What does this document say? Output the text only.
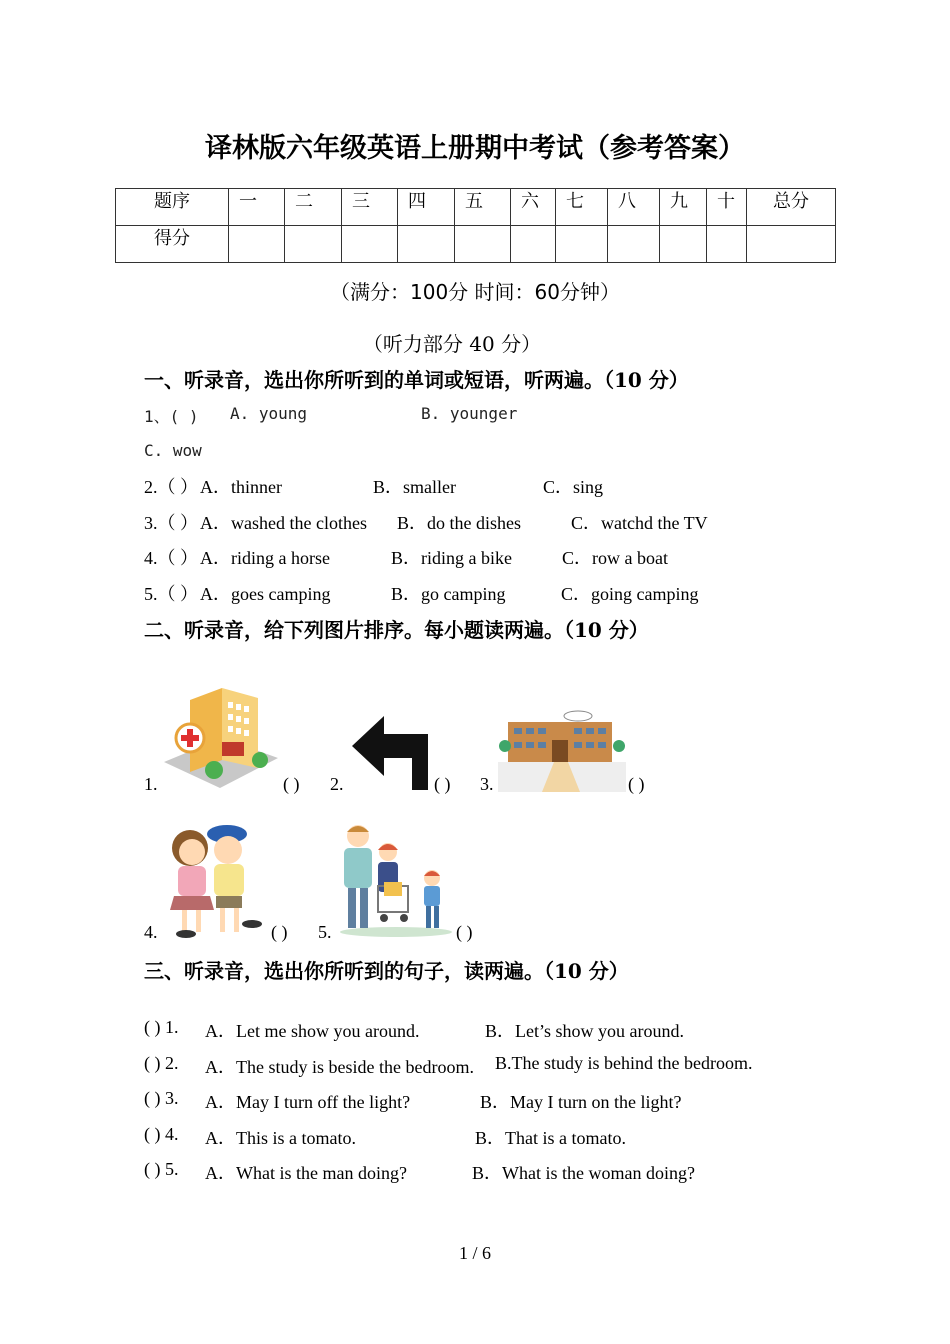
译林版六年级英语上册期中考试（参考答案）
题序	一	二	三	四	五	六	七	八	九	十	总分
得分											
（满分：100分 时间：60分钟）
（听力部分 40 分）
一、听录音，选出你所听到的单词或短语，听两遍。（10 分）
1、( ) A. young	B. younger
C. wow
2.（ ） A．thinner	B．smaller	C．sing
3.（ ） A．washed the clothes B．do the dishes	C．watchd the TV
4.（ ） A．riding a horse	B．riding a bike	C．row a boat
5.（ ） A．goes camping	B．go camping	C．going camping
二、听录音，给下列图片排序。每小题读两遍。（10 分）
1.	( ) 2.	( ) 3.	( )
4.	( ) 5.	( )
三、听录音，选出你所听到的句子，读两遍。（10 分）
( ) 1. A．Let me show you around.	B．Let’s show you around.
( ) 2. A．The study is beside the bedroom. B.The study is behind the bedroom.
( ) 3. A．May I turn off the light?	B．May I turn on the light?
( ) 4. A．This is a tomato.	B．That is a tomato.
( ) 5. A．What is the man doing?	B．What is the woman doing?
1 / 6
